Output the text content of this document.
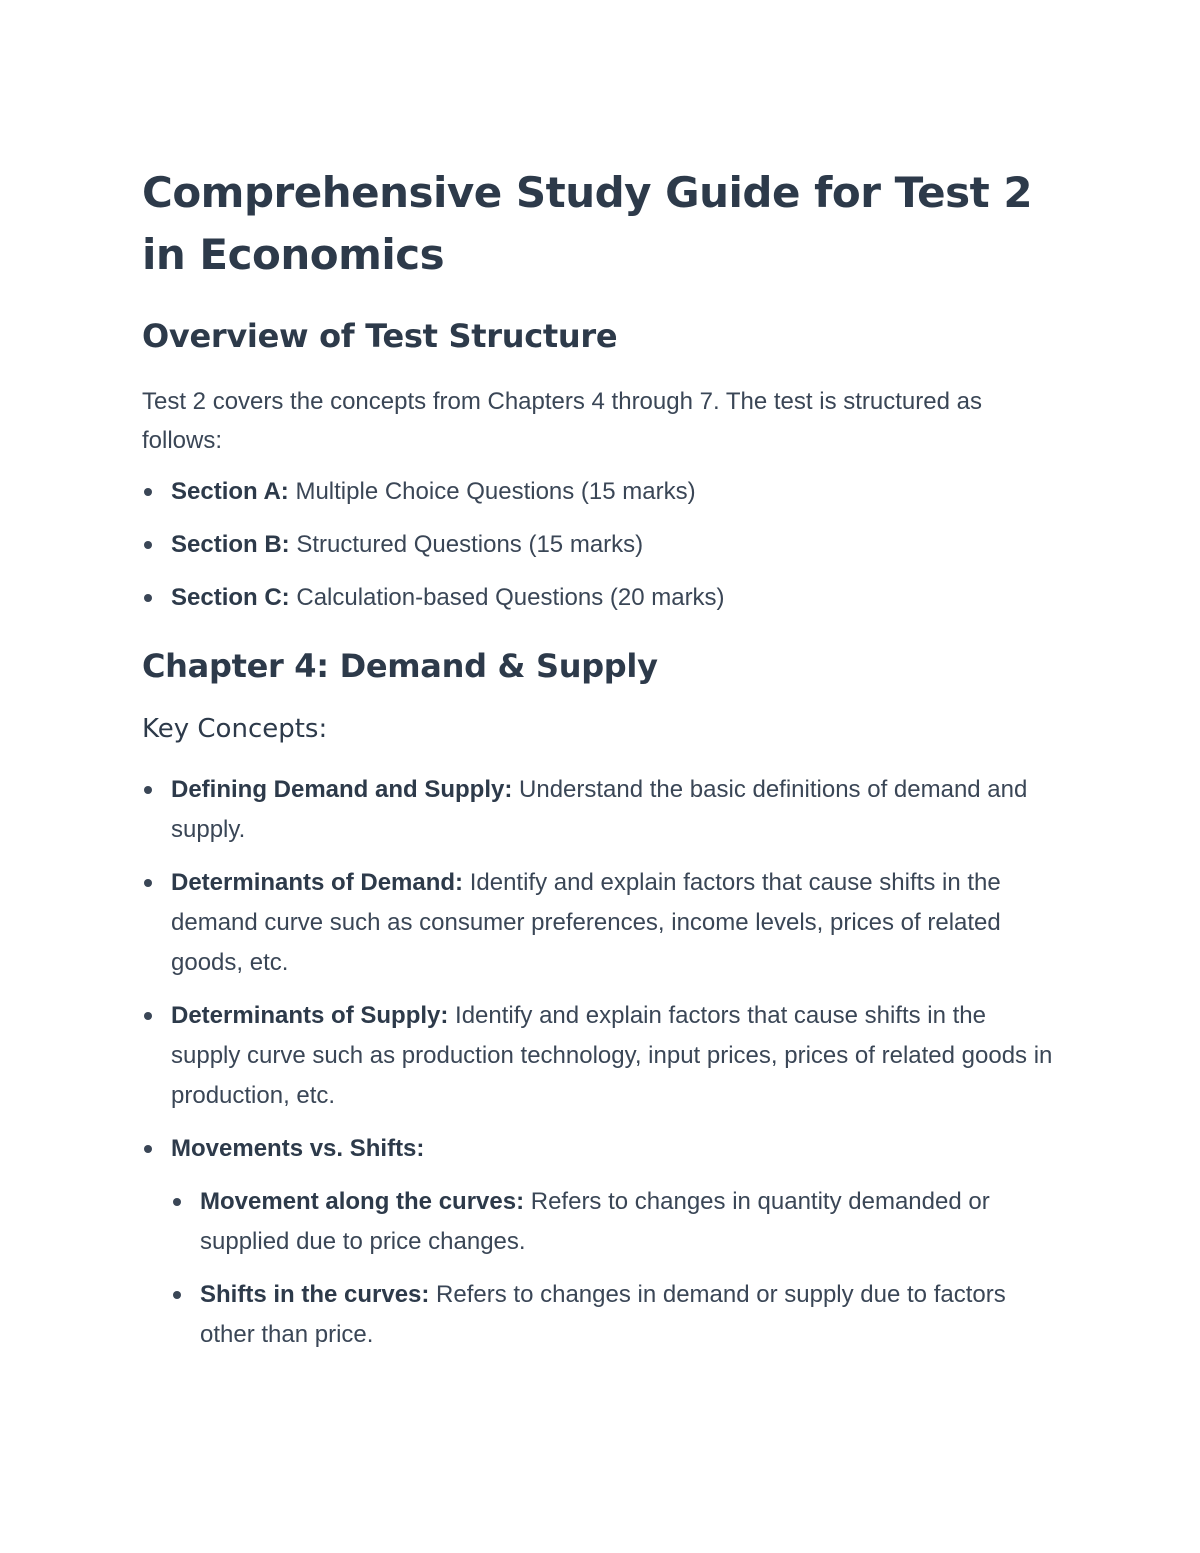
Comprehensive Study Guide for Test 2 in Economics
Overview of Test Structure

Test 2 covers the concepts from Chapters 4 through 7. The test is structured as follows:

Section A: Multiple Choice Questions (15 marks)
Section B: Structured Questions (15 marks)
Section C: Calculation-based Questions (20 marks)
Chapter 4: Demand & Supply
Key Concepts:
Defining Demand and Supply: Understand the basic definitions of demand and supply.
Determinants of Demand: Identify and explain factors that cause shifts in the demand curve such as consumer preferences, income levels, prices of related goods, etc.
Determinants of Supply: Identify and explain factors that cause shifts in the supply curve such as production technology, input prices, prices of related goods in production, etc.
Movements vs. Shifts:
Movement along the curves: Refers to changes in quantity demanded or supplied due to price changes.
Shifts in the curves: Refers to changes in demand or supply due to factors other than price.
